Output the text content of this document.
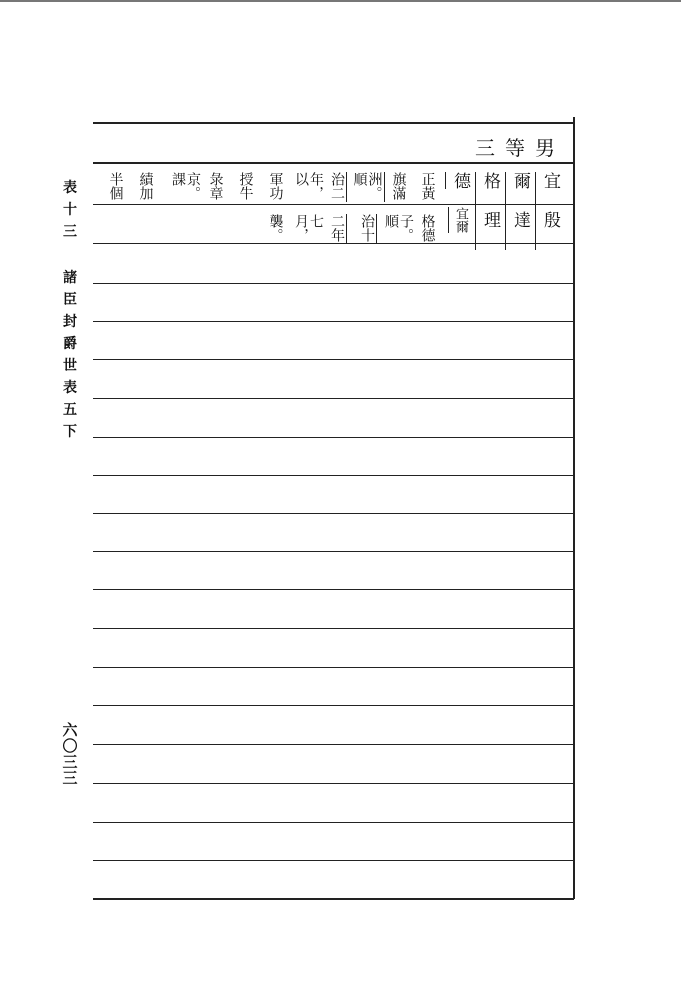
表
十
三
諸
臣
封
爵
世
表
五
下
六
〇
三
三
三等男
宜殷
爾達
格理
德
宜爾
正黃
格德
旗滿
子。順
洲。順
治十
治二
二年
年，以
七月，
軍功
襲。
授牛
彔章
京。課
績加
半個
